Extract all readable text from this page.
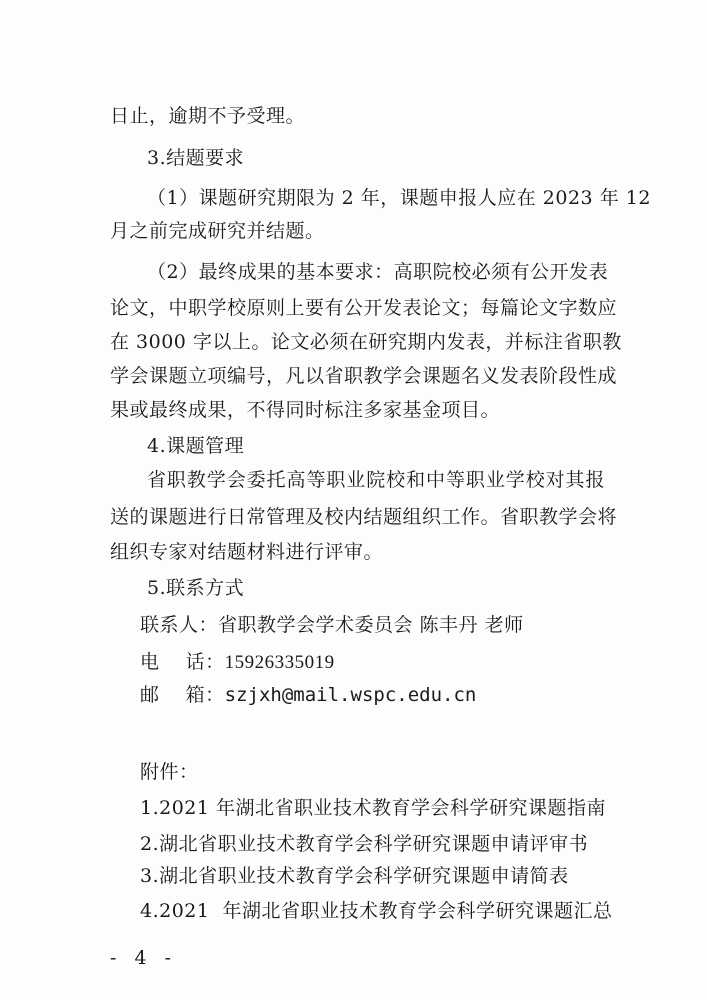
日止，逾期不予受理。
3.结题要求
（1）课题研究期限为 2 年，课题申报人应在 2023 年 12
月之前完成研究并结题。
（2）最终成果的基本要求：高职院校必须有公开发表
论文，中职学校原则上要有公开发表论文；每篇论文字数应
在 3000 字以上。论文必须在研究期内发表，并标注省职教
学会课题立项编号，凡以省职教学会课题名义发表阶段性成
果或最终成果，不得同时标注多家基金项目。
4.课题管理
省职教学会委托高等职业院校和中等职业学校对其报
送的课题进行日常管理及校内结题组织工作。省职教学会将
组织专家对结题材料进行评审。
5.联系方式
联系人：省职教学会学术委员会 陈丰丹 老师
电    话：15926335019
邮    箱：szjxh@mail.wspc.edu.cn
附件：
1.2021 年湖北省职业技术教育学会科学研究课题指南
2.湖北省职业技术教育学会科学研究课题申请评审书
3.湖北省职业技术教育学会科学研究课题申请简表
4.2021  年湖北省职业技术教育学会科学研究课题汇总
- 4 -
